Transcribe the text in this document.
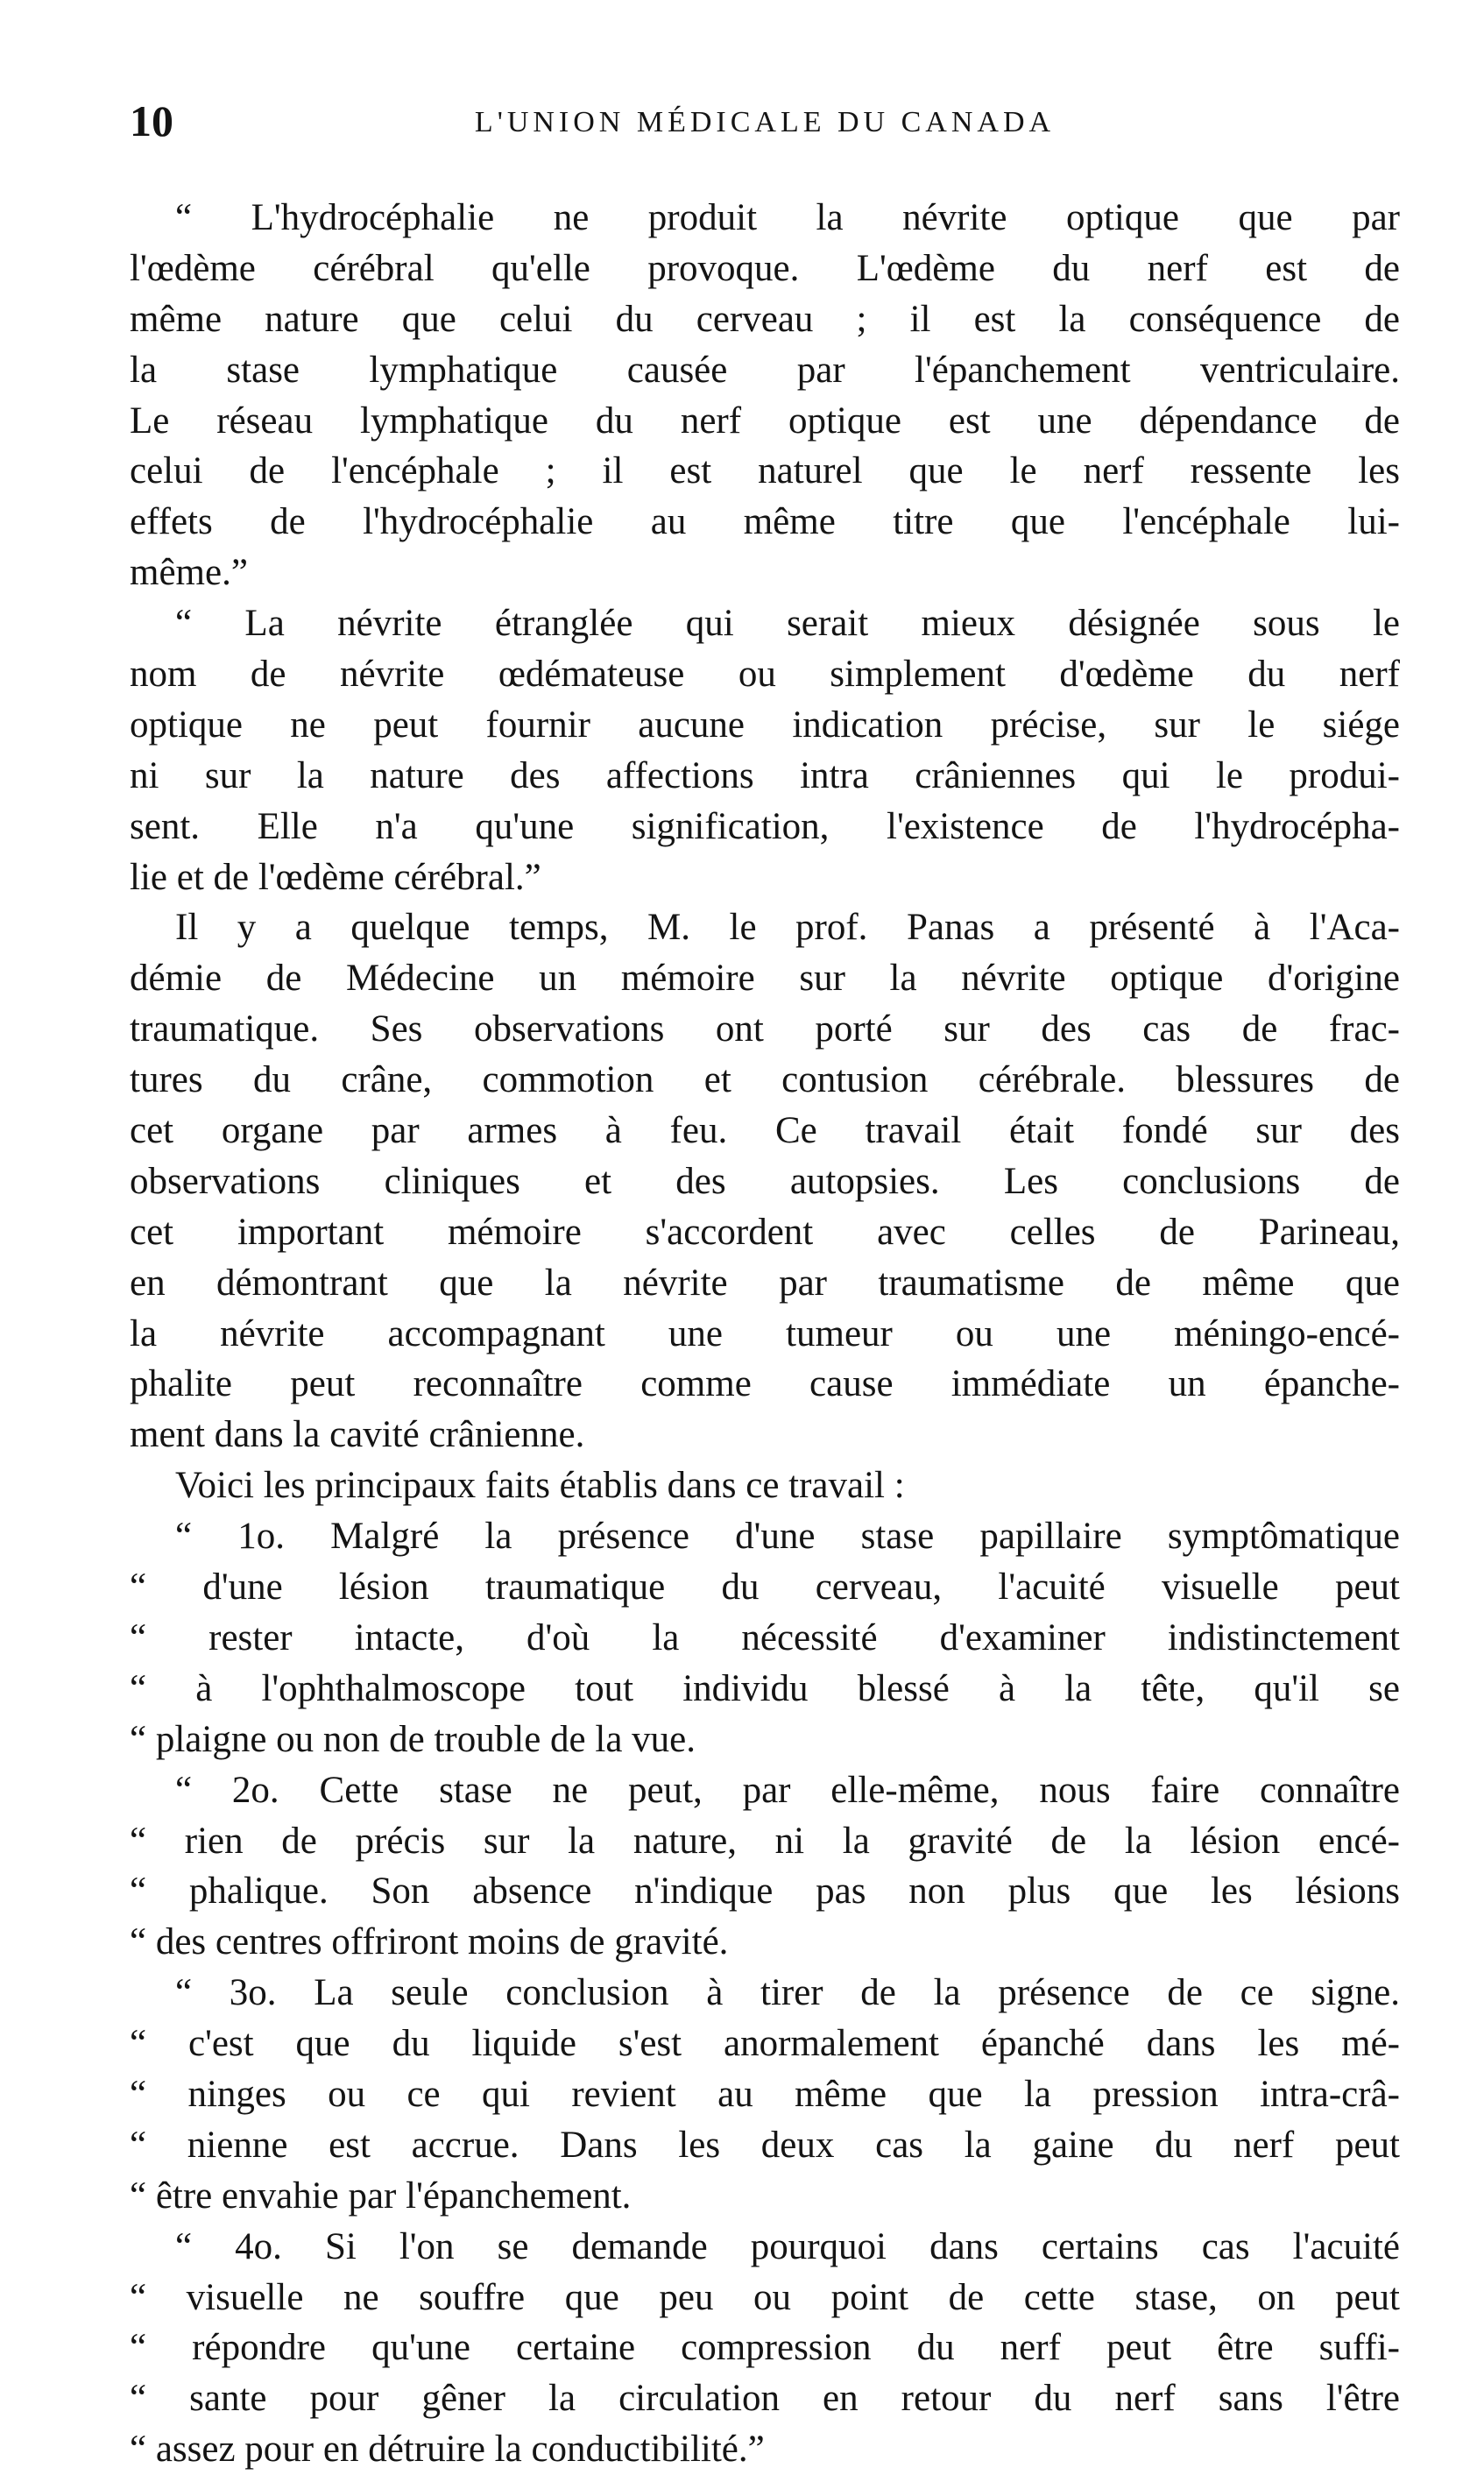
10	L'UNION MÉDICALE DU CANADA
“ L'hydrocéphalie ne produit la névrite optique que par
l'œdème cérébral qu'elle provoque. L'œdème du nerf est de
même nature que celui du cerveau ; il est la conséquence de
la stase lymphatique causée par l'épanchement ventriculaire.
Le réseau lymphatique du nerf optique est une dépendance de
celui de l'encéphale ; il est naturel que le nerf ressente les
effets de l'hydrocéphalie au même titre que l'encéphale lui-
même.”
“ La névrite étranglée qui serait mieux désignée sous le
nom de névrite œdémateuse ou simplement d'œdème du nerf
optique ne peut fournir aucune indication précise, sur le siége
ni sur la nature des affections intra crâniennes qui le produi-
sent. Elle n'a qu'une signification, l'existence de l'hydrocépha-
lie et de l'œdème cérébral.”
Il y a quelque temps, M. le prof. Panas a présenté à l'Aca-
démie de Médecine un mémoire sur la névrite optique d'origine
traumatique. Ses observations ont porté sur des cas de frac-
tures du crâne, commotion et contusion cérébrale. blessures de
cet organe par armes à feu. Ce travail était fondé sur des
observations cliniques et des autopsies. Les conclusions de
cet important mémoire s'accordent avec celles de Parineau,
en démontrant que la névrite par traumatisme de même que
la névrite accompagnant une tumeur ou une méningo-encé-
phalite peut reconnaître comme cause immédiate un épanche-
ment dans la cavité crânienne.
Voici les principaux faits établis dans ce travail :
“ 1o. Malgré la présence d'une stase papillaire symptômatique
“ d'une lésion traumatique du cerveau, l'acuité visuelle peut
“ rester intacte, d'où la nécessité d'examiner indistinctement
“ à l'ophthalmoscope tout individu blessé à la tête, qu'il se
“ plaigne ou non de trouble de la vue.
“ 2o. Cette stase ne peut, par elle-même, nous faire connaître
“ rien de précis sur la nature, ni la gravité de la lésion encé-
“ phalique. Son absence n'indique pas non plus que les lésions
“ des centres offriront moins de gravité.
“ 3o. La seule conclusion à tirer de la présence de ce signe.
“ c'est que du liquide s'est anormalement épanché dans les mé-
“ ninges ou ce qui revient au même que la pression intra-crâ-
“ nienne est accrue. Dans les deux cas la gaine du nerf peut
“ être envahie par l'épanchement.
“ 4o. Si l'on se demande pourquoi dans certains cas l'acuité
“ visuelle ne souffre que peu ou point de cette stase, on peut
“ répondre qu'une certaine compression du nerf peut être suffi-
“ sante pour gêner la circulation en retour du nerf sans l'être
“ assez pour en détruire la conductibilité.”
